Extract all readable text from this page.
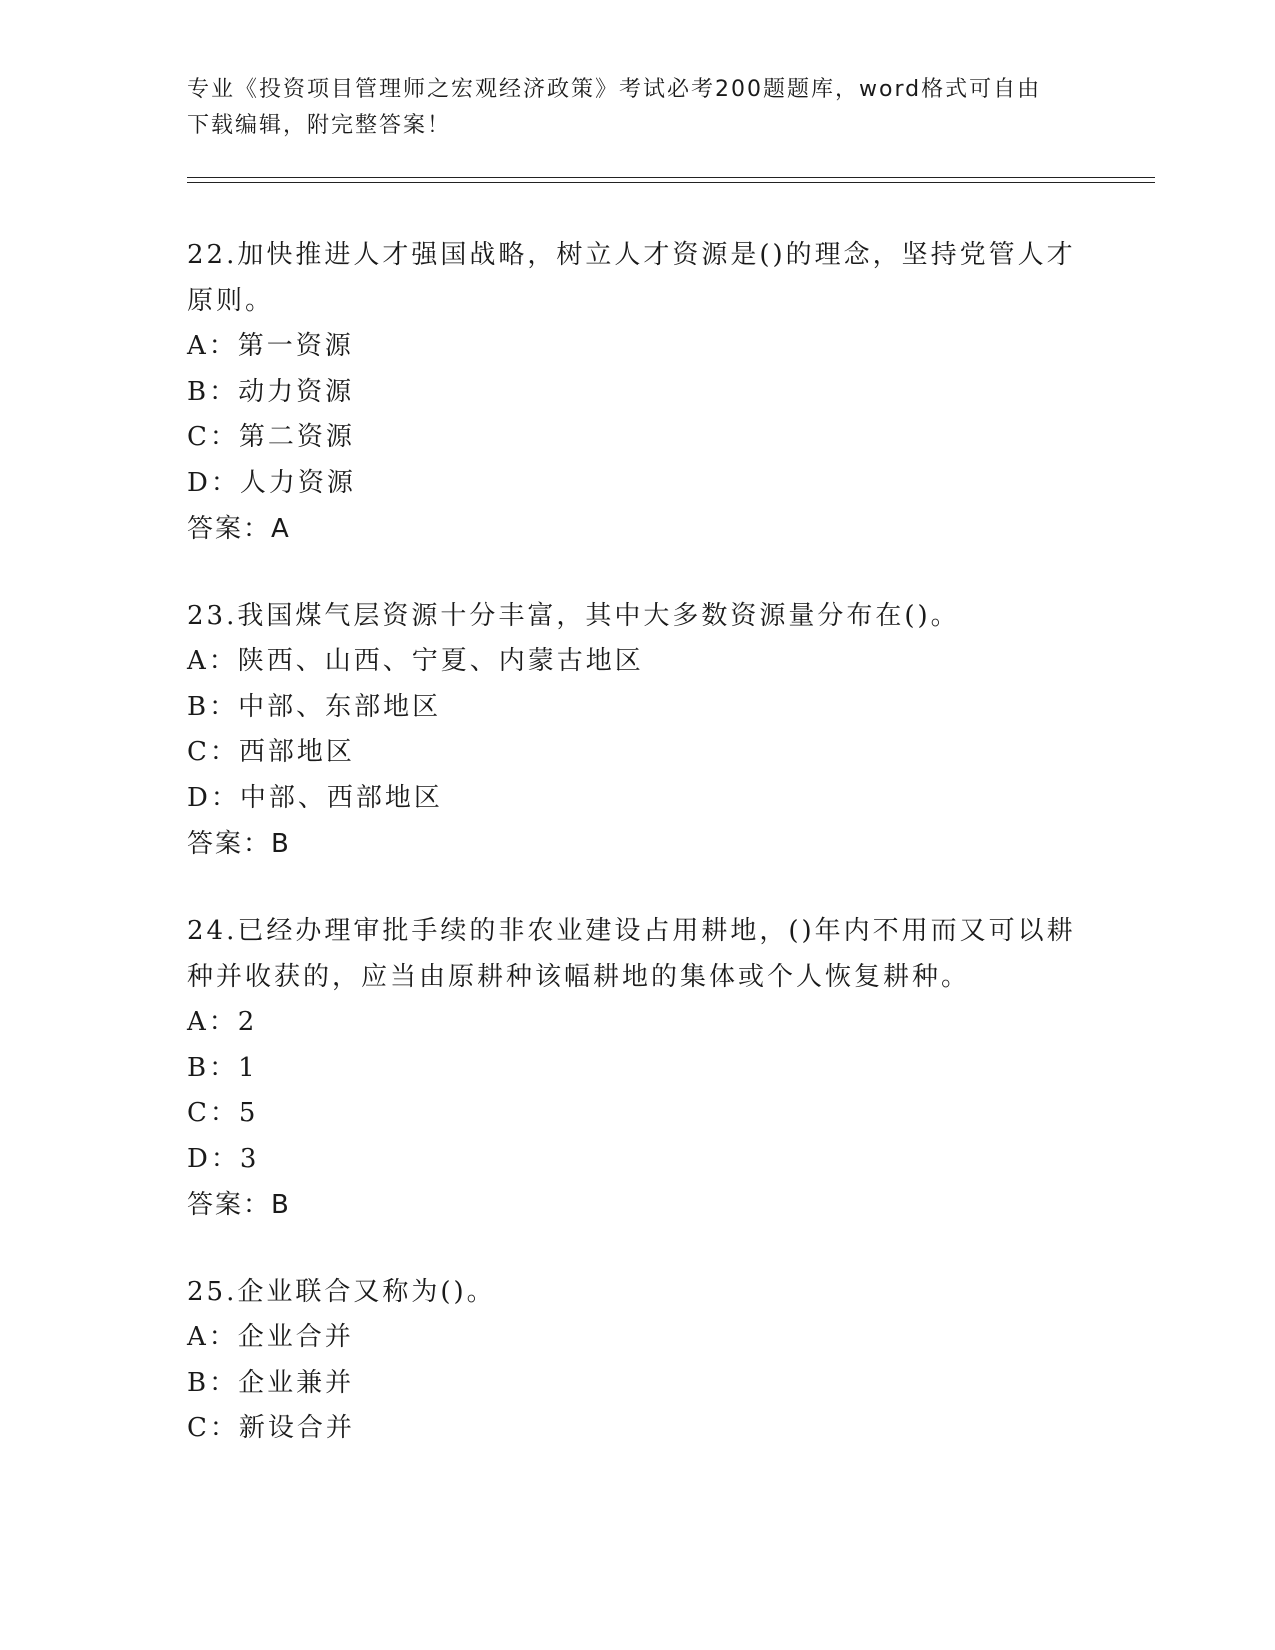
专业《投资项目管理师之宏观经济政策》考试必考200题题库，word格式可自由
下载编辑，附完整答案！
22.加快推进人才强国战略，树立人才资源是()的理念，坚持党管人才
原则。
A：第一资源
B：动力资源
C：第二资源
D：人力资源
答案：A
23.我国煤气层资源十分丰富，其中大多数资源量分布在()。
A：陕西、山西、宁夏、内蒙古地区
B：中部、东部地区
C：西部地区
D：中部、西部地区
答案：B
24.已经办理审批手续的非农业建设占用耕地，()年内不用而又可以耕
种并收获的，应当由原耕种该幅耕地的集体或个人恢复耕种。
A：2
B：1
C：5
D：3
答案：B
25.企业联合又称为()。
A：企业合并
B：企业兼并
C：新设合并
